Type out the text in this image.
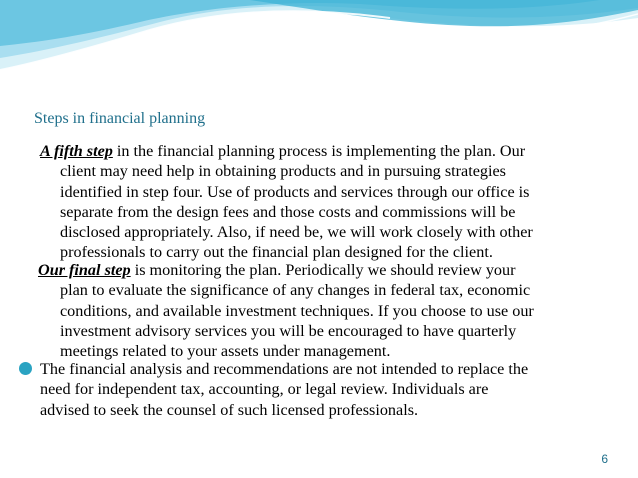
Steps in financial planning
A fifth step in the financial planning process is implementing the plan. Our
client may need help in obtaining products and in pursuing strategies
identified in step four. Use of products and services through our office is
separate from the design fees and those costs and commissions will be
disclosed appropriately. Also, if need be, we will work closely with other
professionals to carry out the financial plan designed for the client.
Our final step is monitoring the plan. Periodically we should review your
plan to evaluate the significance of any changes in federal tax, economic
conditions, and available investment techniques. If you choose to use our
investment advisory services you will be encouraged to have quarterly
meetings related to your assets under management.
The financial analysis and recommendations are not intended to replace the
need for independent tax, accounting, or legal review. Individuals are
advised to seek the counsel of such licensed professionals.
6
